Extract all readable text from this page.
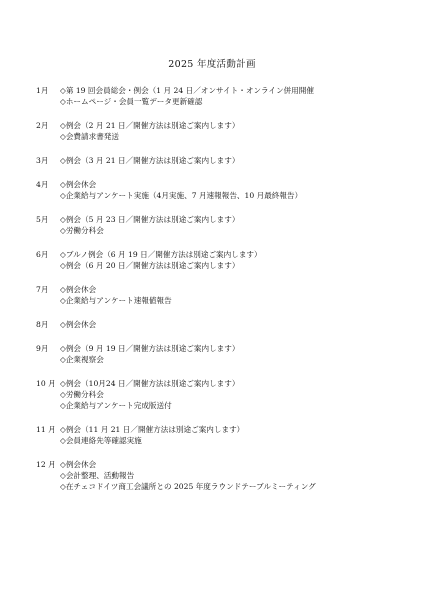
2025 年度活動計画
1月	◇第 19 回会員総会・例会（1 月 24 日／オンサイト・オンライン併用開催
◇ホームページ・会員一覧データ更新確認
2月	◇例会（2 月 21 日／開催方法は別途ご案内します）
◇会費請求書発送
3月	◇例会（3 月 21 日／開催方法は別途ご案内します）
4月	◇例会休会
◇企業給与アンケート実施（4月実施、7 月速報報告、10 月最終報告）
5月	◇例会（5 月 23 日／開催方法は別途ご案内します）
◇労働分科会
6月	◇ブルノ例会（6 月 19 日／開催方法は別途ご案内します）
◇例会（6 月 20 日／開催方法は別途ご案内します）
7月	◇例会休会
◇企業給与アンケート速報値報告
8月	◇例会休会
9月	◇例会（9 月 19 日／開催方法は別途ご案内します）
◇企業視察会
10 月 ◇例会（10月24 日／開催方法は別途ご案内します）
◇労働分科会
◇企業給与アンケート完成版送付
11 月 ◇例会（11 月 21 日／開催方法は別途ご案内します）
◇会員連絡先等確認実施
12 月 ◇例会休会
◇会計整理、活動報告
◇在チェコドイツ商工会議所との 2025 年度ラウンドテーブルミーティング
